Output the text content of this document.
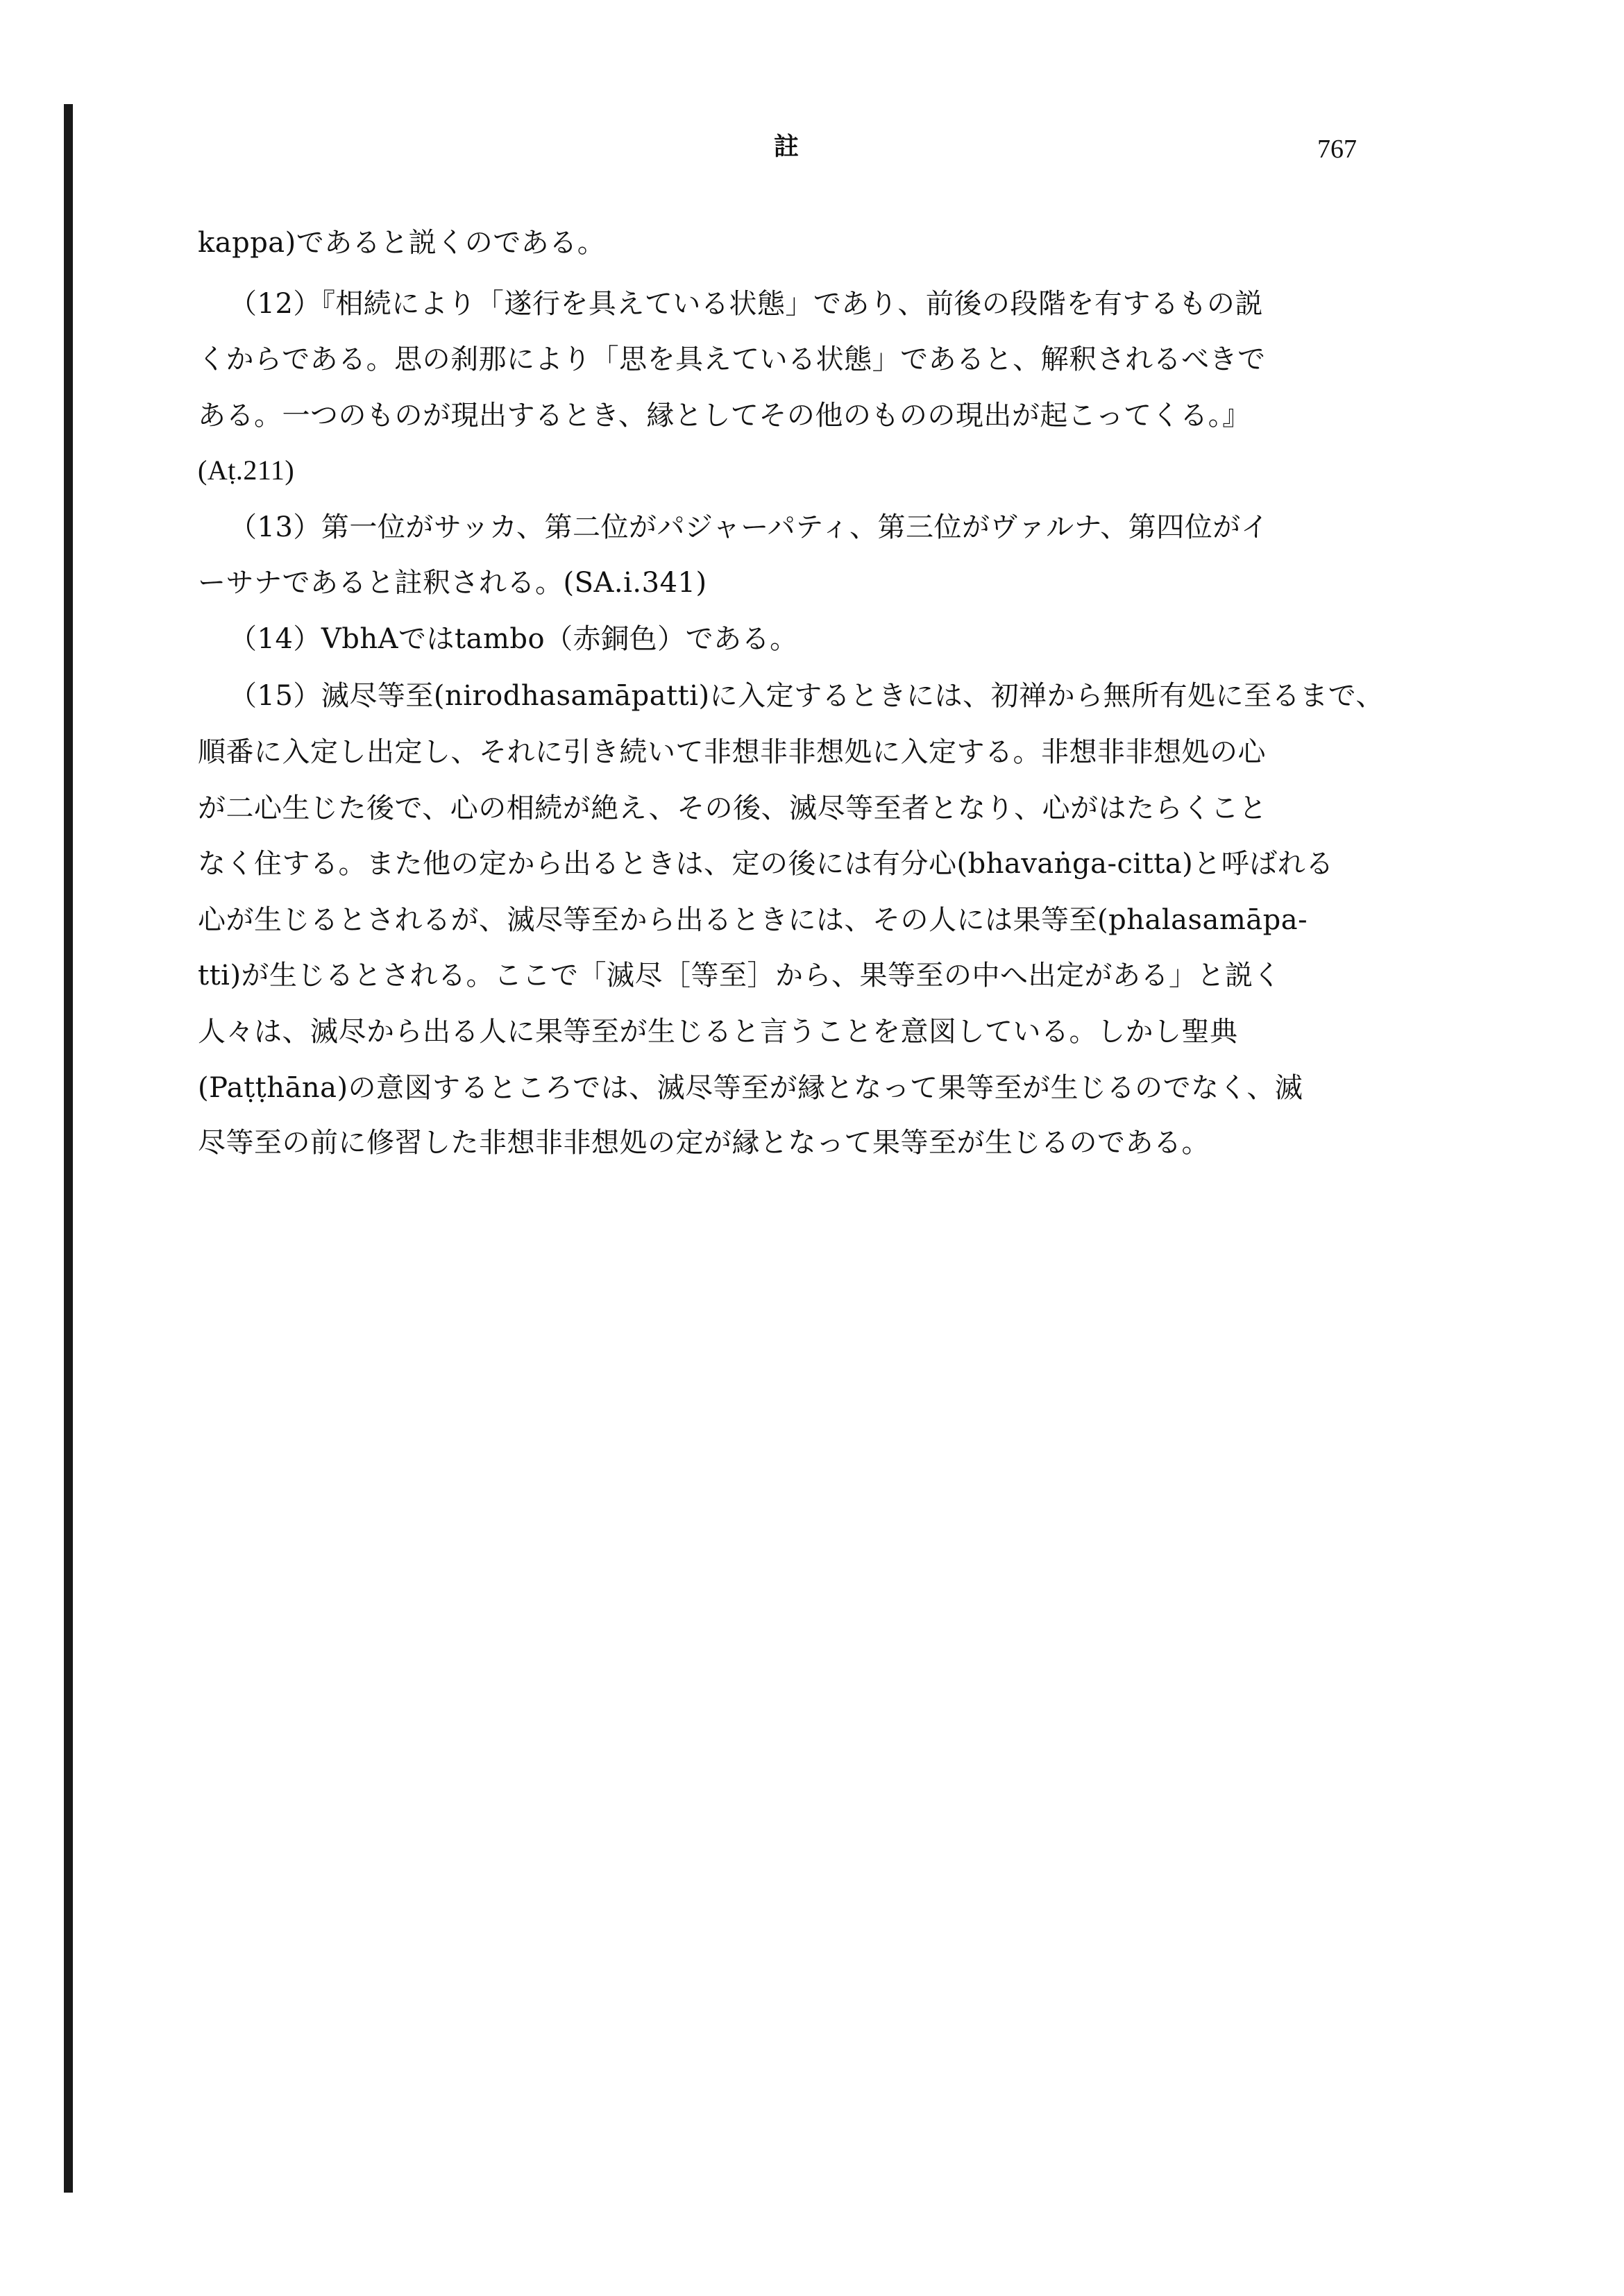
註	767
kappa)であると説くのである。
（12）『相続により「遂行を具えている状態」であり、前後の段階を有するもの説
くからである。思の刹那により「思を具えている状態」であると、解釈されるべきで
ある。一つのものが現出するとき、縁としてその他のものの現出が起こってくる。』
(Aṭ.211)
（13）第一位がサッカ、第二位がパジャーパティ、第三位がヴァルナ、第四位がイ
ーサナであると註釈される。(SA.i.341)
（14）VbhAではtambo（赤銅色）である。
（15）滅尽等至(nirodhasamāpatti)に入定するときには、初禅から無所有処に至るまで、
順番に入定し出定し、それに引き続いて非想非非想処に入定する。非想非非想処の心
が二心生じた後で、心の相続が絶え、その後、滅尽等至者となり、心がはたらくこと
なく住する。また他の定から出るときは、定の後には有分心(bhavaṅga-citta)と呼ばれる
心が生じるとされるが、滅尽等至から出るときには、その人には果等至(phalasamāpa-
tti)が生じるとされる。ここで「滅尽［等至］から、果等至の中へ出定がある」と説く
人々は、滅尽から出る人に果等至が生じると言うことを意図している。しかし聖典
(Paṭṭhāna)の意図するところでは、滅尽等至が縁となって果等至が生じるのでなく、滅
尽等至の前に修習した非想非非想処の定が縁となって果等至が生じるのである。
